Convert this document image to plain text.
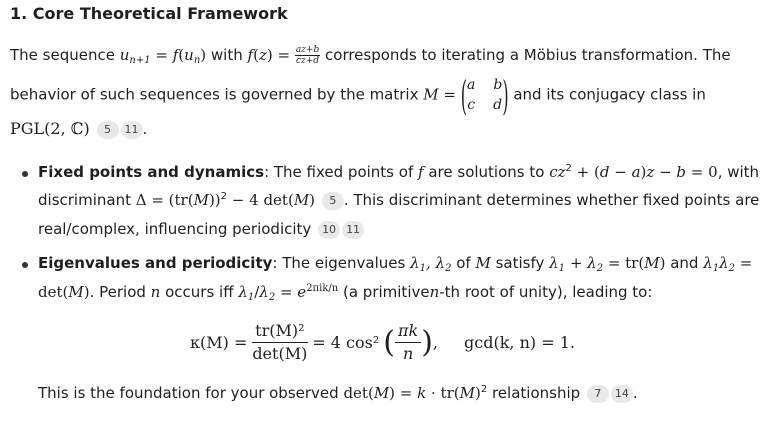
1. Core Theoretical Framework
The sequence $u_{n+1} = f(u_n)$ with $f(z) = \frac{az+b}{cz+d}$ corresponds to iterating a Möbius transformation. The
behavior of such sequences is governed by the matrix M = ( a b
c d ) and its conjugacy class in
PGL(2, ℂ) 5 11 .
Fixed points and dynamics: The fixed points of f are solutions to $cz^2 + (d - a)z - b = 0$, with
discriminant $\Delta = (tr(M))^2 - 4$ det(M) 5 . This discriminant determines whether fixed points are
real/complex, influencing periodicity 10 11
Eigenvalues and periodicity: The eigenvalues $\lambda_1$, $\lambda_2$ of M satisfy $\lambda_1 + \lambda_2 = tr(M)$ and $\lambda_1\lambda_2$ =
det(M). Period n occurs iff $\lambda_1/\lambda_2 = e^{2\pi ik/n}$ (a primitiven-th root of unity), leading to:
κ(M) =
$\frac{\text{tr(M)²}}{\det(M)}$
= 4 cos² ( $\frac{\pi k}{n}$ ) , gcd(k, n) = 1.
This is the foundation for your observed $\det(M) = k \cdot tr(M)^2$ relationship 7 14 .
